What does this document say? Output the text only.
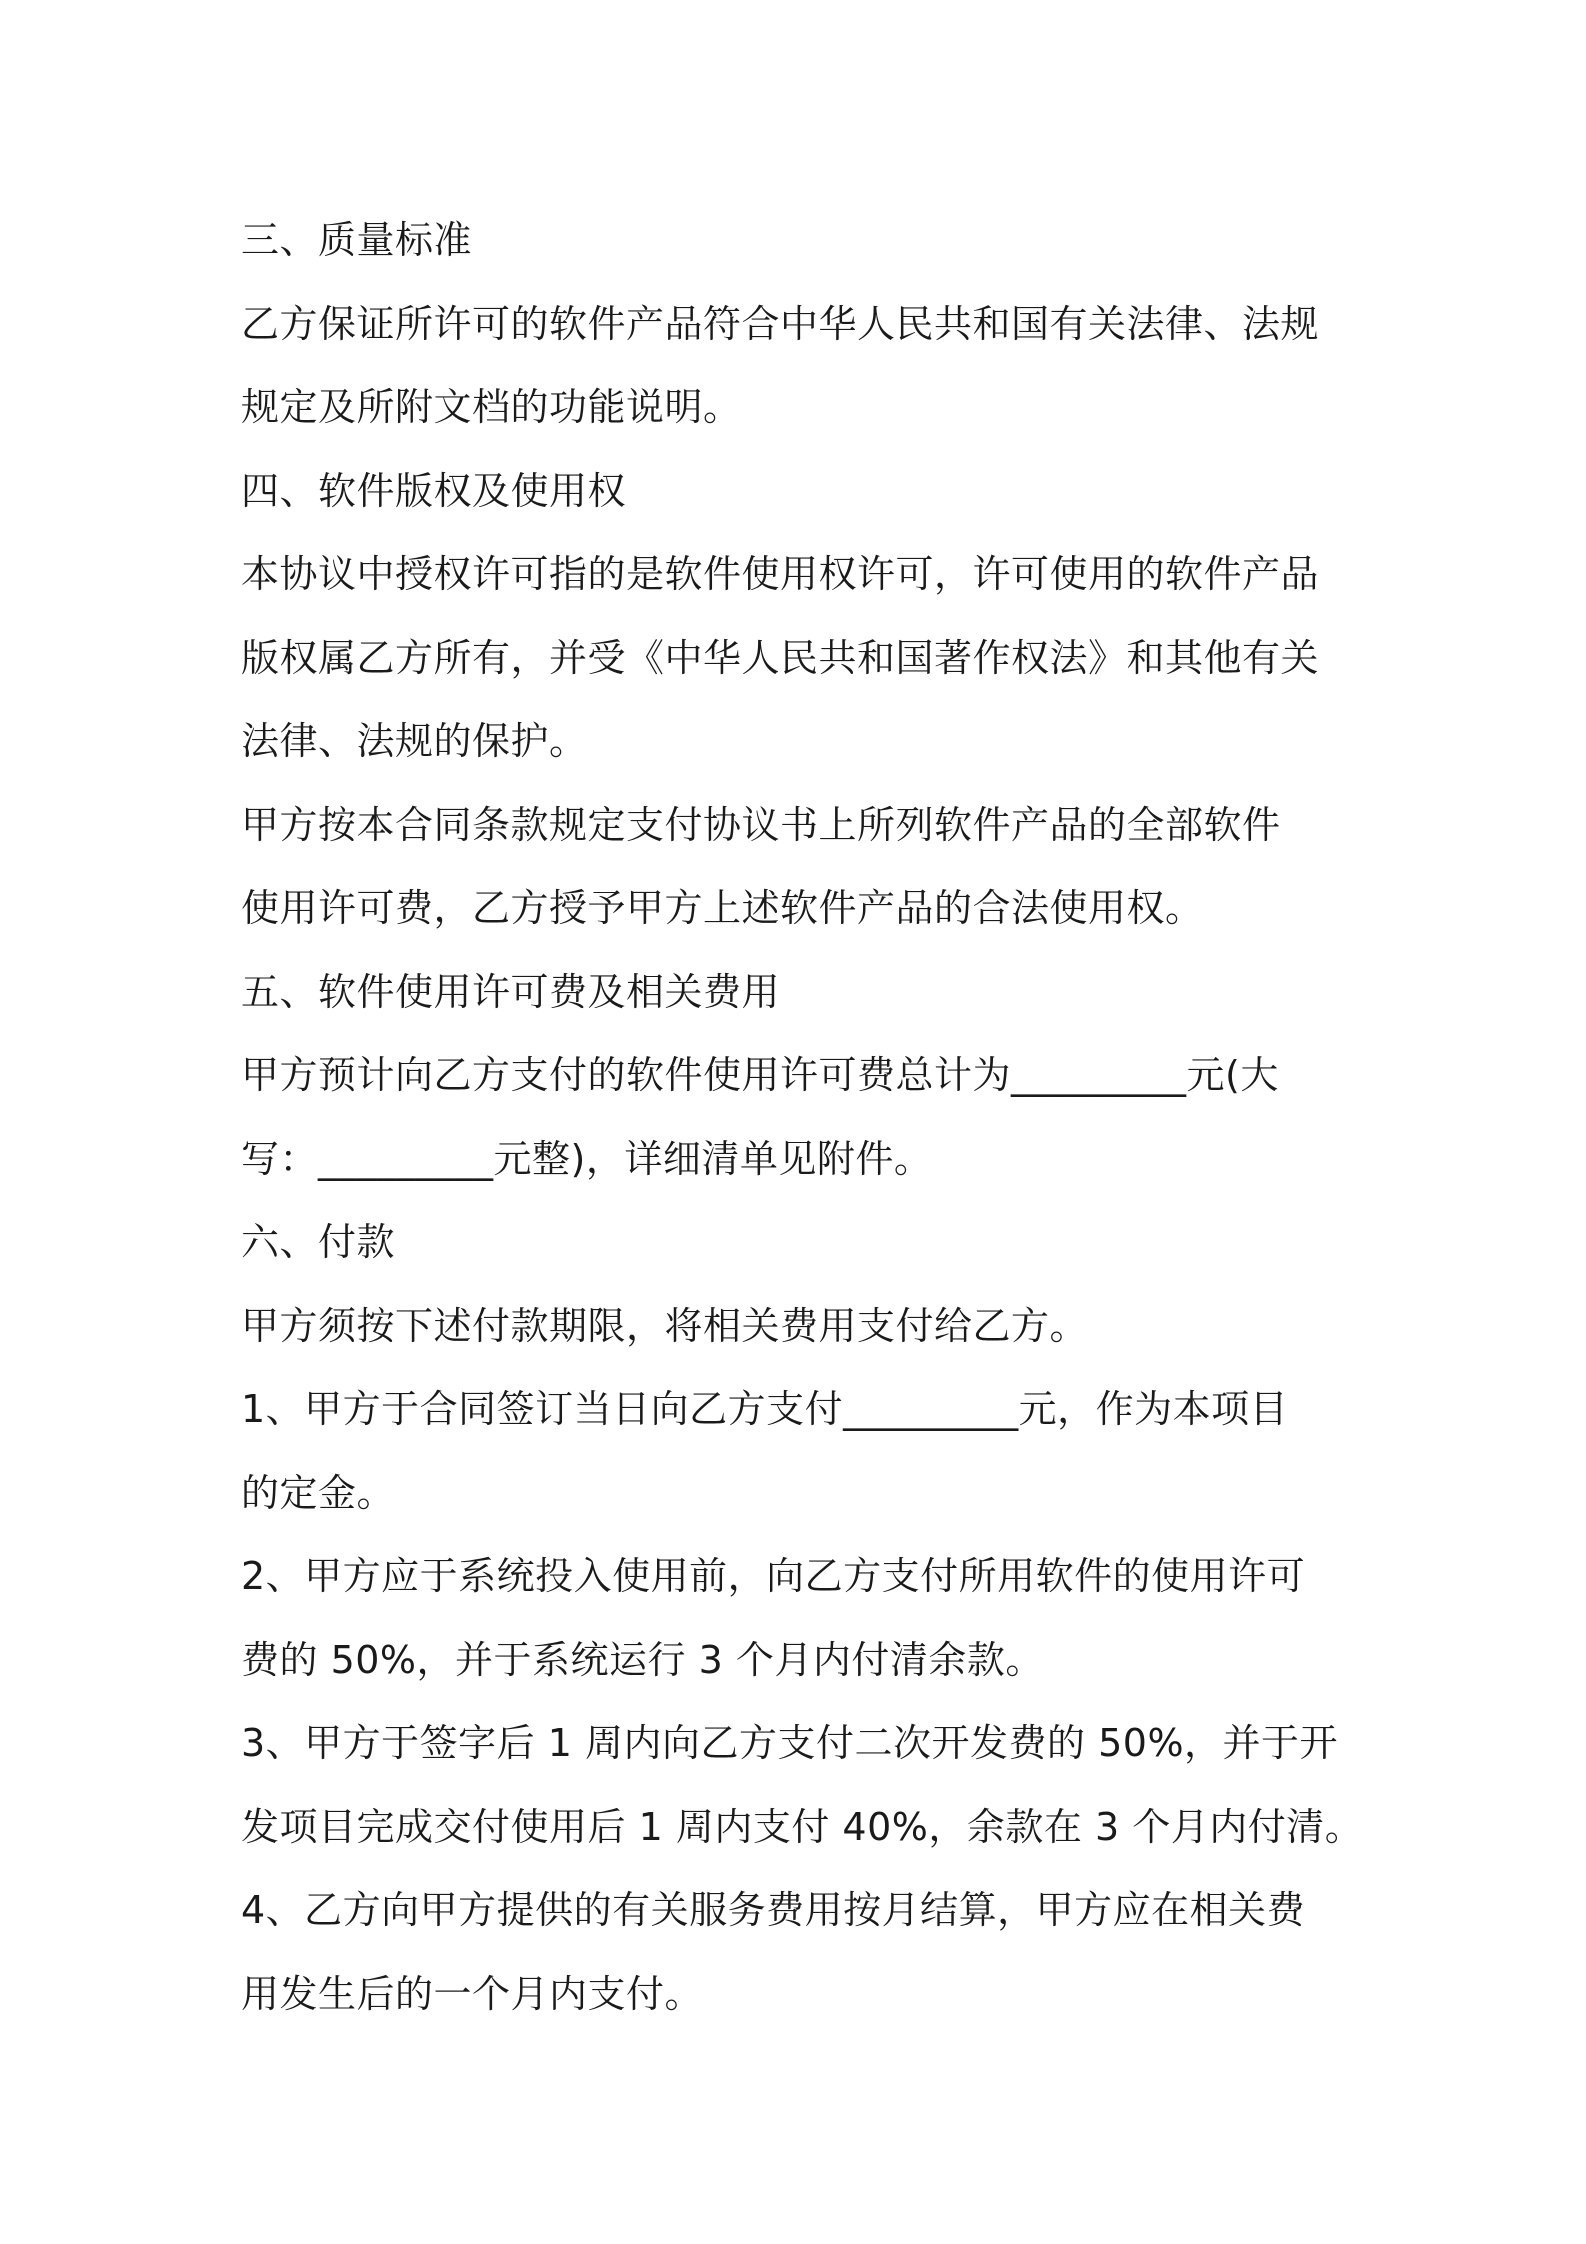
三、质量标准
乙方保证所许可的软件产品符合中华人民共和国有关法律、法规
规定及所附文档的功能说明。
四、软件版权及使用权
本协议中授权许可指的是软件使用权许可，许可使用的软件产品
版权属乙方所有，并受《中华人民共和国著作权法》和其他有关
法律、法规的保护。
甲方按本合同条款规定支付协议书上所列软件产品的全部软件
使用许可费，乙方授予甲方上述软件产品的合法使用权。
五、软件使用许可费及相关费用
甲方预计向乙方支付的软件使用许可费总计为_________元(大
写：_________元整)，详细清单见附件。
六、付款
甲方须按下述付款期限，将相关费用支付给乙方。
1、甲方于合同签订当日向乙方支付_________元，作为本项目
的定金。
2、甲方应于系统投入使用前，向乙方支付所用软件的使用许可
费的 50%，并于系统运行 3 个月内付清余款。
3、甲方于签字后 1 周内向乙方支付二次开发费的 50%，并于开
发项目完成交付使用后 1 周内支付 40%，余款在 3 个月内付清。
4、乙方向甲方提供的有关服务费用按月结算，甲方应在相关费
用发生后的一个月内支付。
